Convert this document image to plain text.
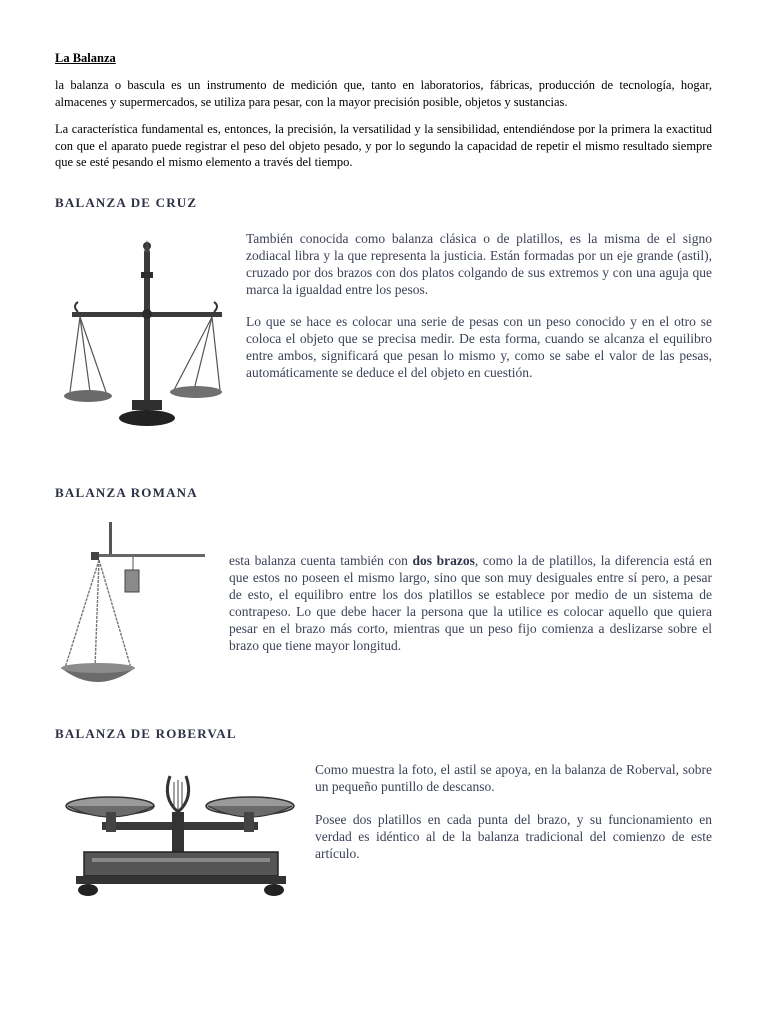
La Balanza

la balanza o bascula es un instrumento de medición que, tanto en laboratorios, fábricas, producción de tecnología, hogar, almacenes y supermercados, se utiliza para pesar, con la mayor precisión posible, objetos y sustancias.

La característica fundamental es, entonces, la precisión, la versatilidad y la sensibilidad, entendiéndose por la primera la exactitud con que el aparato puede registrar el peso del objeto pesado, y por lo segundo la capacidad de repetir el mismo resultado siempre que se esté pesando el mismo elemento a través del tiempo.

BALANZA DE CRUZ

También conocida como balanza clásica o de platillos, es la misma de el signo zodiacal libra y la que representa la justicia. Están formadas por un eje grande (astil), cruzado por dos brazos con dos platos colgando de sus extremos y con una aguja que marca la igualdad entre los pesos.

Lo que se hace es colocar una serie de pesas con un peso conocido y en el otro se coloca el objeto que se precisa medir. De esta forma, cuando se alcanza el equilibro entre ambos, significará que pesan lo mismo y, como se sabe el valor de las pesas, automáticamente se deduce el del objeto en cuestión.

BALANZA ROMANA

esta balanza cuenta también con dos brazos, como la de platillos, la diferencia está en que estos no poseen el mismo largo, sino que son muy desiguales entre sí pero, a pesar de esto, el equilibro entre los dos platillos se establece por medio de un sistema de contrapeso. Lo que debe hacer la persona que la utilice es colocar aquello que quiera pesar en el brazo más corto, mientras que un peso fijo comienza a deslizarse sobre el brazo que tiene mayor longitud.

BALANZA DE ROBERVAL

Como muestra la foto, el astil se apoya, en la balanza de Roberval, sobre un pequeño puntillo de descanso.

Posee dos platillos en cada punta del brazo, y su funcionamiento en verdad es idéntico al de la balanza tradicional del comienzo de este artículo.
